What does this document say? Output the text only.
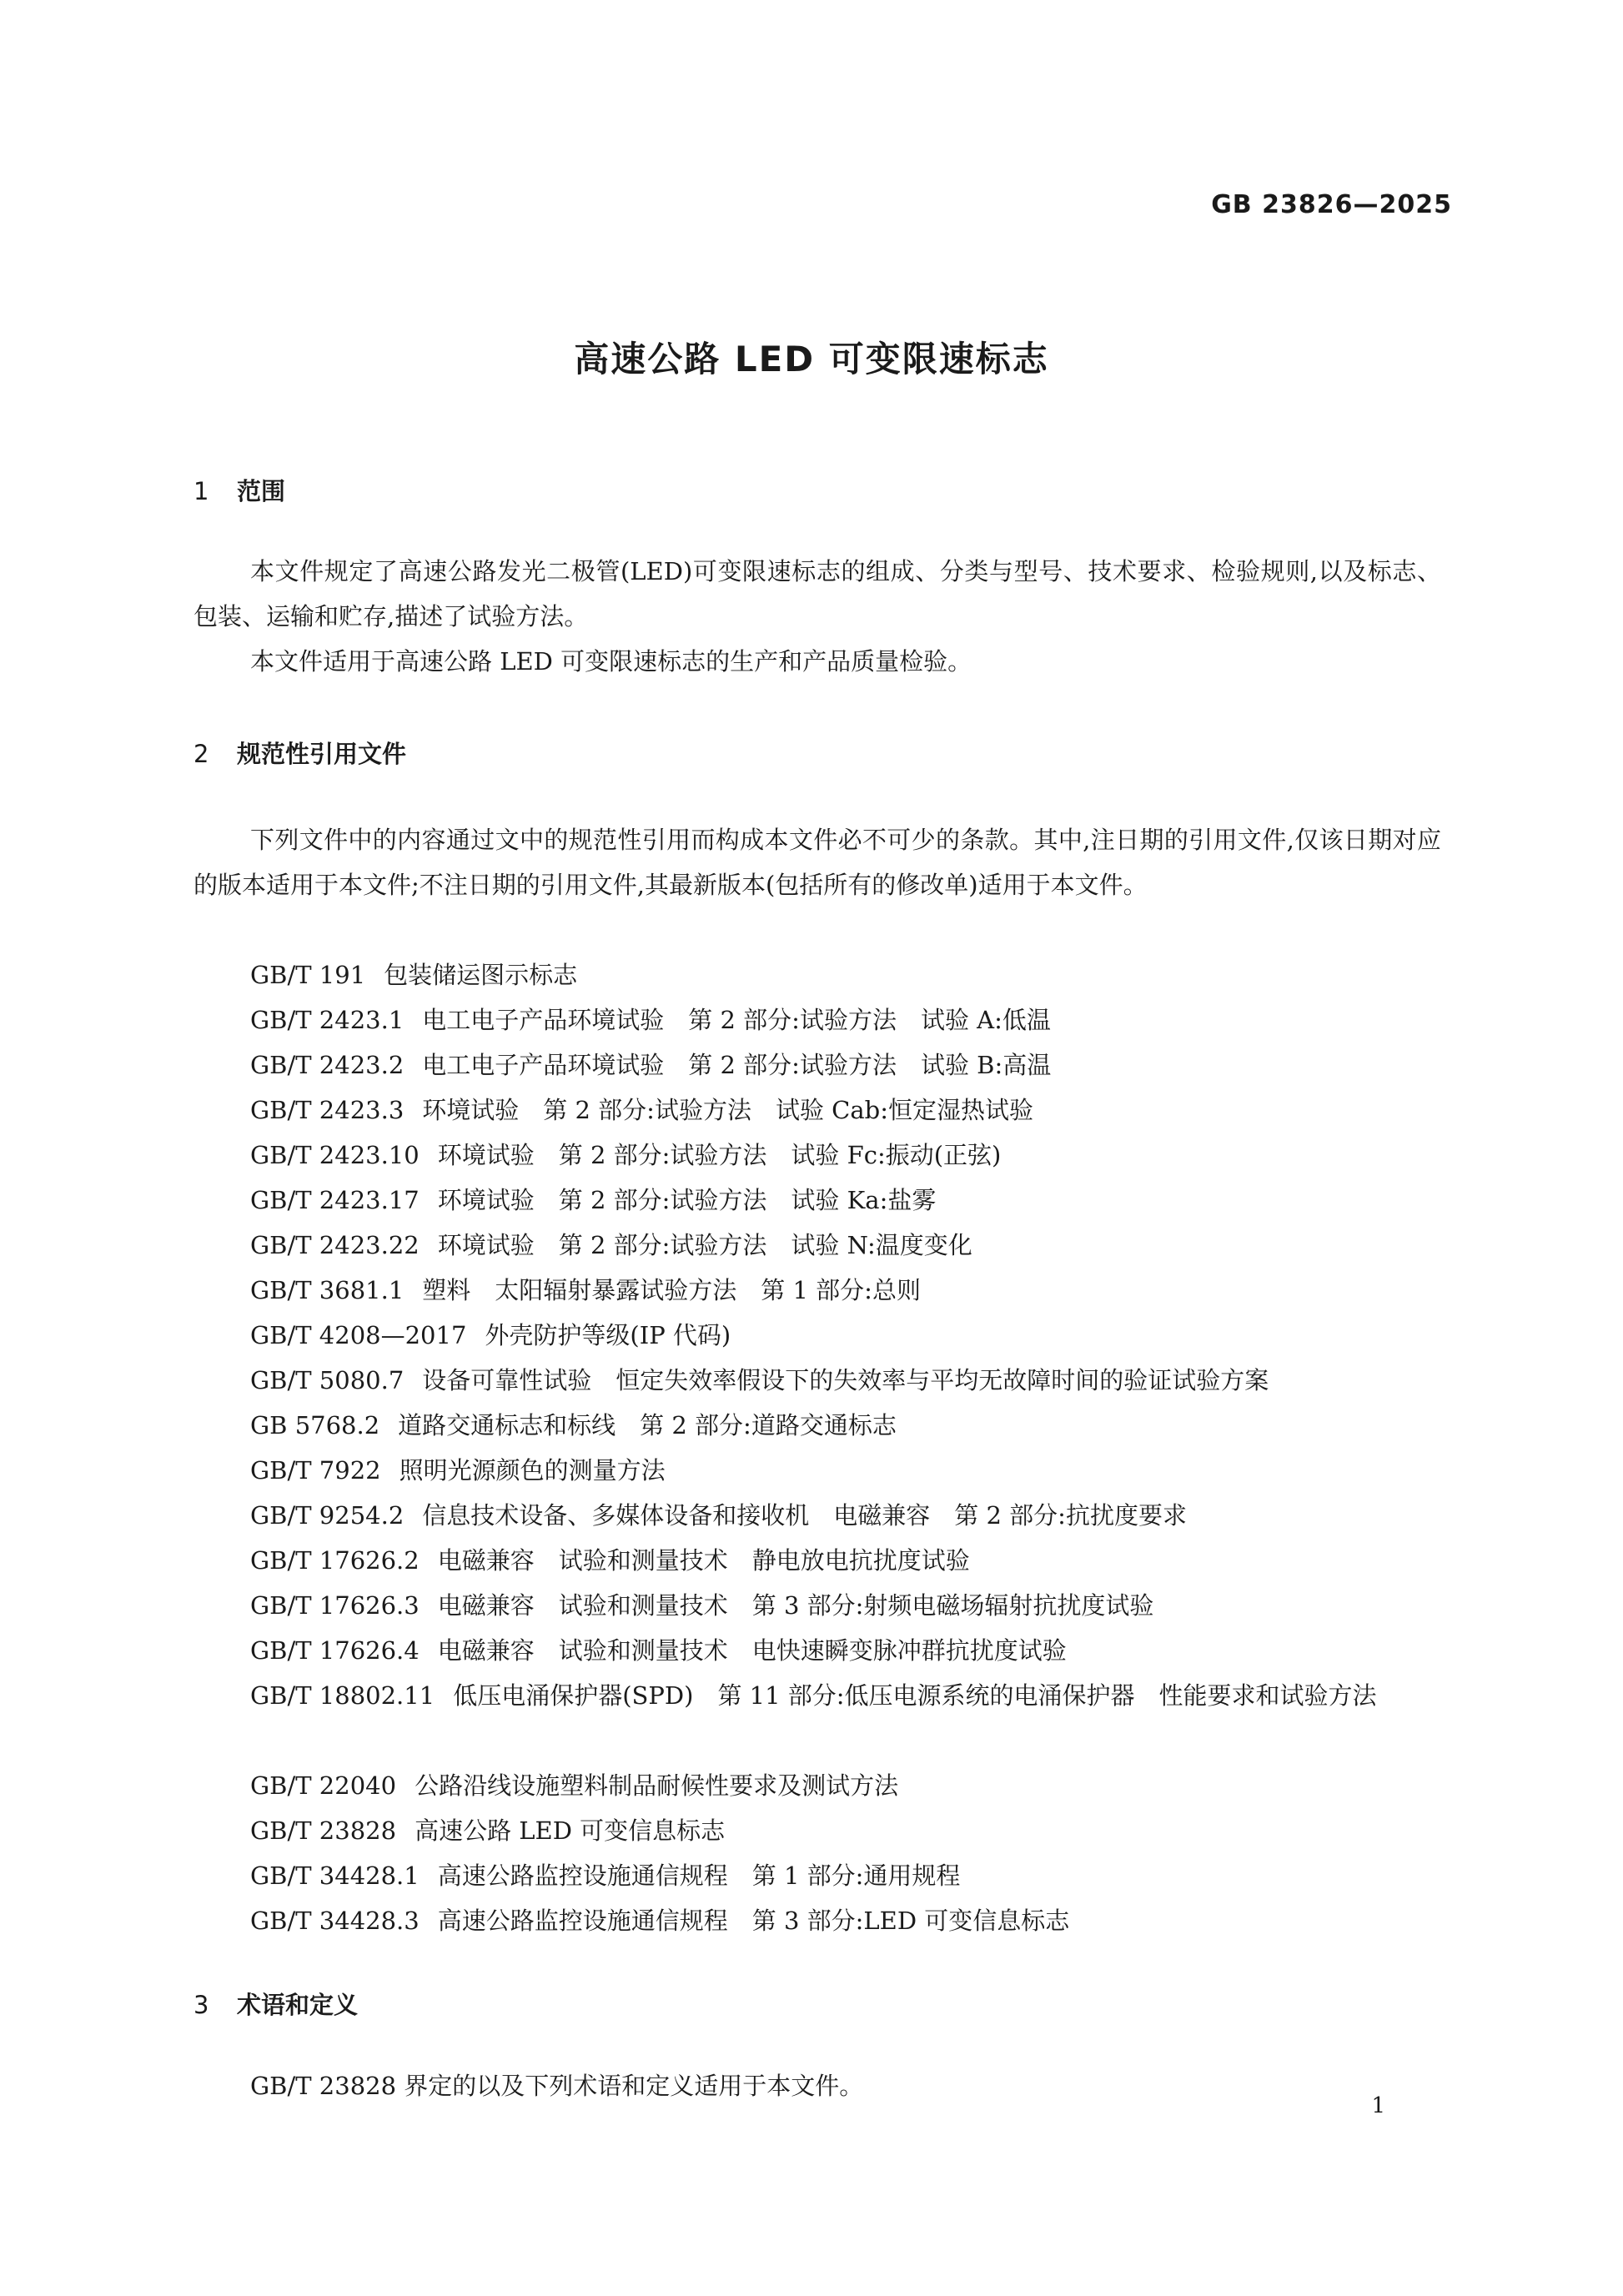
GB 23826—2025
高速公路 LED 可变限速标志
1 范围
本文件规定了高速公路发光二极管(LED)可变限速标志的组成、分类与型号、技术要求、检验规则,以及标志、包装、运输和贮存,描述了试验方法。
本文件适用于高速公路 LED 可变限速标志的生产和产品质量检验。
2 规范性引用文件
下列文件中的内容通过文中的规范性引用而构成本文件必不可少的条款。其中,注日期的引用文件,仅该日期对应的版本适用于本文件;不注日期的引用文件,其最新版本(包括所有的修改单)适用于本文件。
GB/T 191 包装储运图示标志
GB/T 2423.1 电工电子产品环境试验　第 2 部分:试验方法　试验 A:低温
GB/T 2423.2 电工电子产品环境试验　第 2 部分:试验方法　试验 B:高温
GB/T 2423.3 环境试验　第 2 部分:试验方法　试验 Cab:恒定湿热试验
GB/T 2423.10 环境试验　第 2 部分:试验方法　试验 Fc:振动(正弦)
GB/T 2423.17 环境试验　第 2 部分:试验方法　试验 Ka:盐雾
GB/T 2423.22 环境试验　第 2 部分:试验方法　试验 N:温度变化
GB/T 3681.1 塑料　太阳辐射暴露试验方法　第 1 部分:总则
GB/T 4208—2017 外壳防护等级(IP 代码)
GB/T 5080.7 设备可靠性试验　恒定失效率假设下的失效率与平均无故障时间的验证试验方案
GB 5768.2 道路交通标志和标线　第 2 部分:道路交通标志
GB/T 7922 照明光源颜色的测量方法
GB/T 9254.2 信息技术设备、多媒体设备和接收机　电磁兼容　第 2 部分:抗扰度要求
GB/T 17626.2 电磁兼容　试验和测量技术　静电放电抗扰度试验
GB/T 17626.3 电磁兼容　试验和测量技术　第 3 部分:射频电磁场辐射抗扰度试验
GB/T 17626.4 电磁兼容　试验和测量技术　电快速瞬变脉冲群抗扰度试验
GB/T 18802.11 低压电涌保护器(SPD)　第 11 部分:低压电源系统的电涌保护器　性能要求和试验方法
GB/T 22040 公路沿线设施塑料制品耐候性要求及测试方法
GB/T 23828 高速公路 LED 可变信息标志
GB/T 34428.1 高速公路监控设施通信规程　第 1 部分:通用规程
GB/T 34428.3 高速公路监控设施通信规程　第 3 部分:LED 可变信息标志
3 术语和定义
GB/T 23828 界定的以及下列术语和定义适用于本文件。
1
